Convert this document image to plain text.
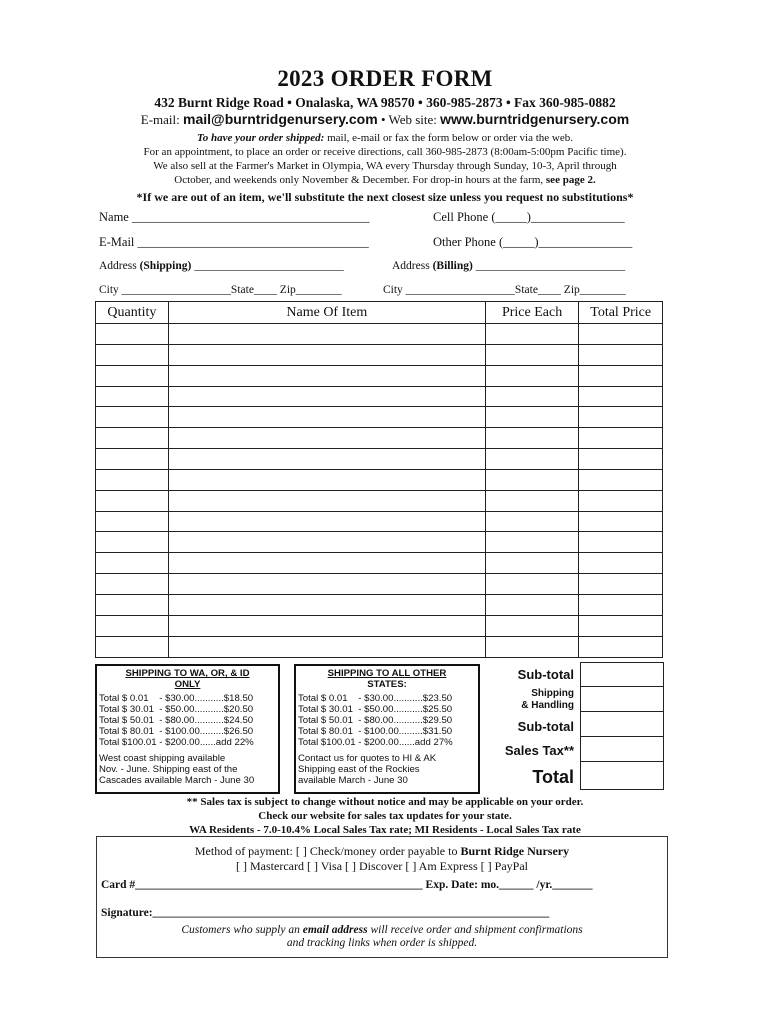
2023 ORDER FORM
432 Burnt Ridge Road • Onalaska, WA 98570 • 360-985-2873 • Fax 360-985-0882
E-mail: mail@burntridgenursery.com • Web site: www.burntridgenursery.com
To have your order shipped: mail, e-mail or fax the form below or order via the web.
For an appointment, to place an order or receive directions, call 360-985-2873 (8:00am-5:00pm Pacific time).
We also sell at the Farmer's Market in Olympia, WA every Thursday through Sunday, 10-3, April through
October, and weekends only November & December. For drop-in hours at the farm, see page 2.
*If we are out of an item, we'll substitute the next closest size unless you request no substitutions*
Name ______________________________________	Cell Phone (_____)_______________
E-Mail _____________________________________	Other Phone (_____)_______________
Address (Shipping) __________________________	Address (Billing) __________________________
City ___________________State____ Zip________	City ___________________State____ Zip________
Quantity	Name Of Item	Price Each	Total Price

SHIPPING TO WA, OR, & ID
ONLY
Total $ 0.01    - $30.00...........$18.50
Total $ 30.01  - $50.00...........$20.50
Total $ 50.01  - $80.00...........$24.50
Total $ 80.01  - $100.00.........$26.50
Total $100.01 - $200.00......add 22%
West coast shipping available
Nov. - June. Shipping east of the
Cascades available March - June 30
SHIPPING TO ALL OTHER
STATES:
Total $ 0.01    - $30.00...........$23.50
Total $ 30.01  - $50.00...........$25.50
Total $ 50.01  - $80.00...........$29.50
Total $ 80.01  - $100.00.........$31.50
Total $100.01 - $200.00......add 27%
Contact us for quotes to HI & AK
Shipping east of the Rockies
available March - June 30
Sub-total
Shipping
& Handling
Sub-total
Sales Tax**
Total
** Sales tax is subject to change without notice and may be applicable on your order.
Check our website for sales tax updates for your state.
WA Residents - 7.0-10.4% Local Sales Tax rate; MI Residents - Local Sales Tax rate
Method of payment: [ ] Check/money order payable to Burnt Ridge Nursery
[ ] Mastercard [ ] Visa [ ] Discover [ ] Am Express [ ] PayPal
Card #__________________________________________________ Exp. Date: mo.______ /yr._______
Signature:_____________________________________________________________________
Customers who supply an email address will receive order and shipment confirmations
and tracking links when order is shipped.
